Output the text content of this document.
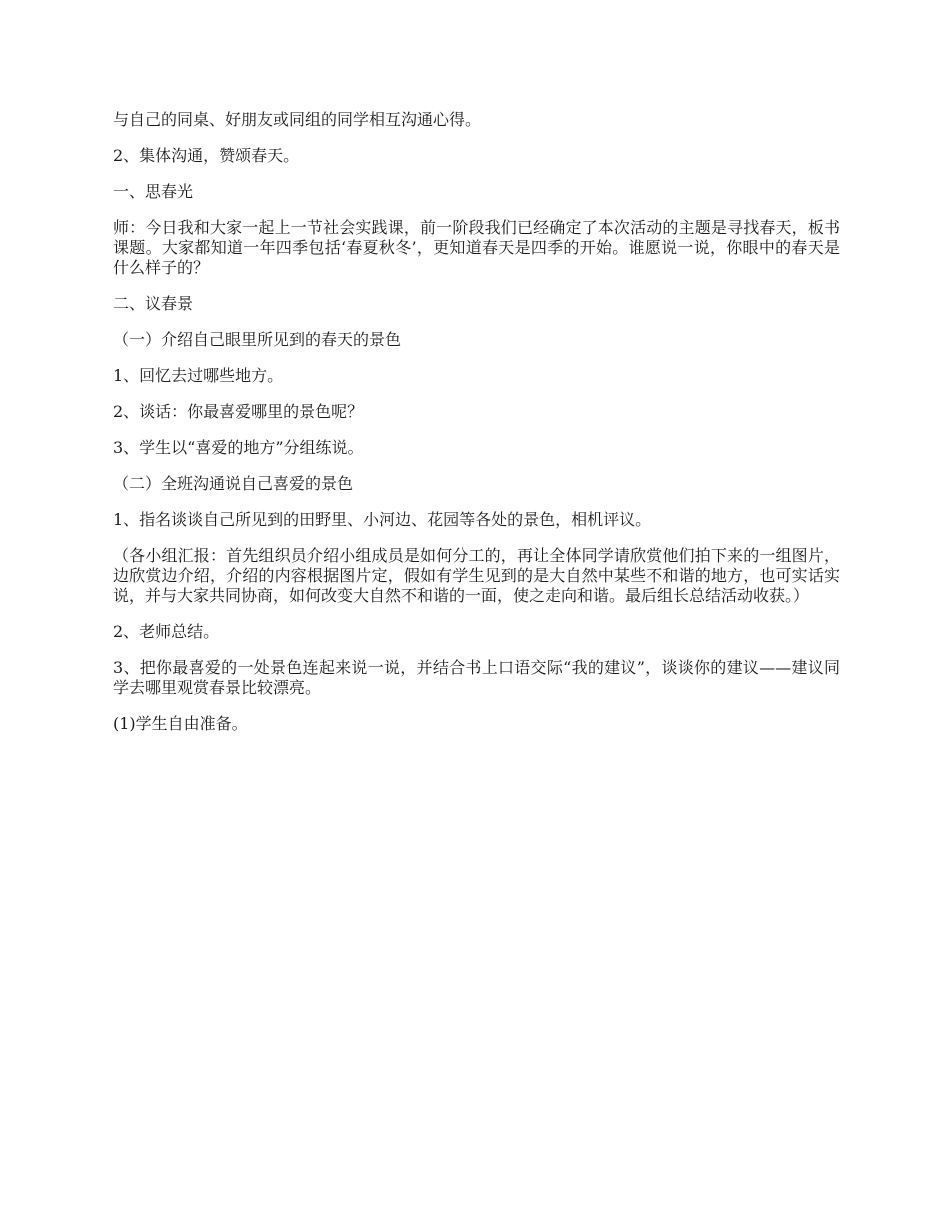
与自己的同桌、好朋友或同组的同学相互沟通心得。

2、集体沟通，赞颂春天。

一、思春光

师：今日我和大家一起上一节社会实践课，前一阶段我们已经确定了本次活动的主题是寻找春天，板书课题。大家都知道一年四季包括‘春夏秋冬’，更知道春天是四季的开始。谁愿说一说，你眼中的春天是什么样子的？

二、议春景

（一）介绍自己眼里所见到的春天的景色

1、回忆去过哪些地方。

2、谈话：你最喜爱哪里的景色呢？

3、学生以“喜爱的地方”分组练说。

（二）全班沟通说自己喜爱的景色

1、指名谈谈自己所见到的田野里、小河边、花园等各处的景色，相机评议。

（各小组汇报：首先组织员介绍小组成员是如何分工的，再让全体同学请欣赏他们拍下来的一组图片，边欣赏边介绍，介绍的内容根据图片定，假如有学生见到的是大自然中某些不和谐的地方，也可实话实说，并与大家共同协商，如何改变大自然不和谐的一面，使之走向和谐。最后组长总结活动收获。）

2、老师总结。

3、把你最喜爱的一处景色连起来说一说，并结合书上口语交际“我的建议”，谈谈你的建议——建议同学去哪里观赏春景比较漂亮。

(1)学生自由准备。
